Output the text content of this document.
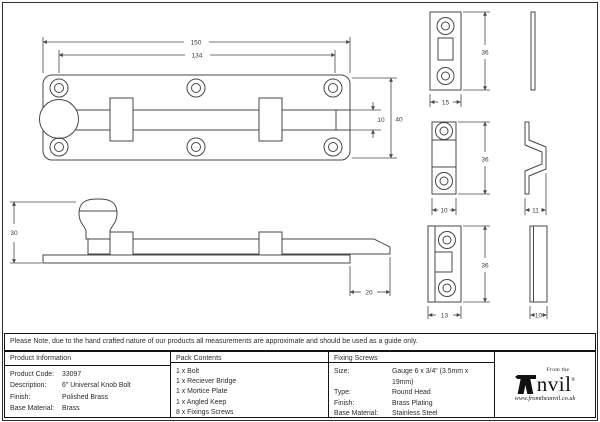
150
134
40
10
30
20
36
15
36
10	11
36
13	10
Please Note, due to the hand crafted nature of our products all measurements are approximate and should be used as a guide only.
Product Information
Product Code:	33097
Description:	6" Universal Knob Bolt
Finish:	Polished Brass
Base Material:	Brass
Pack Contents
1 x Bolt
1 x Reciever Bridge
1 x Mortice Plate
1 x Angled Keep
8 x Fixings Screws
Fixing Screws
Size:	Gauge 6 x 3/4" (3.5mm x 19mm)
Type:	Round Head
Finish:	Brass Plating
Base Material:	Stainless Steel
From the
nvil ®
www.fromtheanvil.co.uk
